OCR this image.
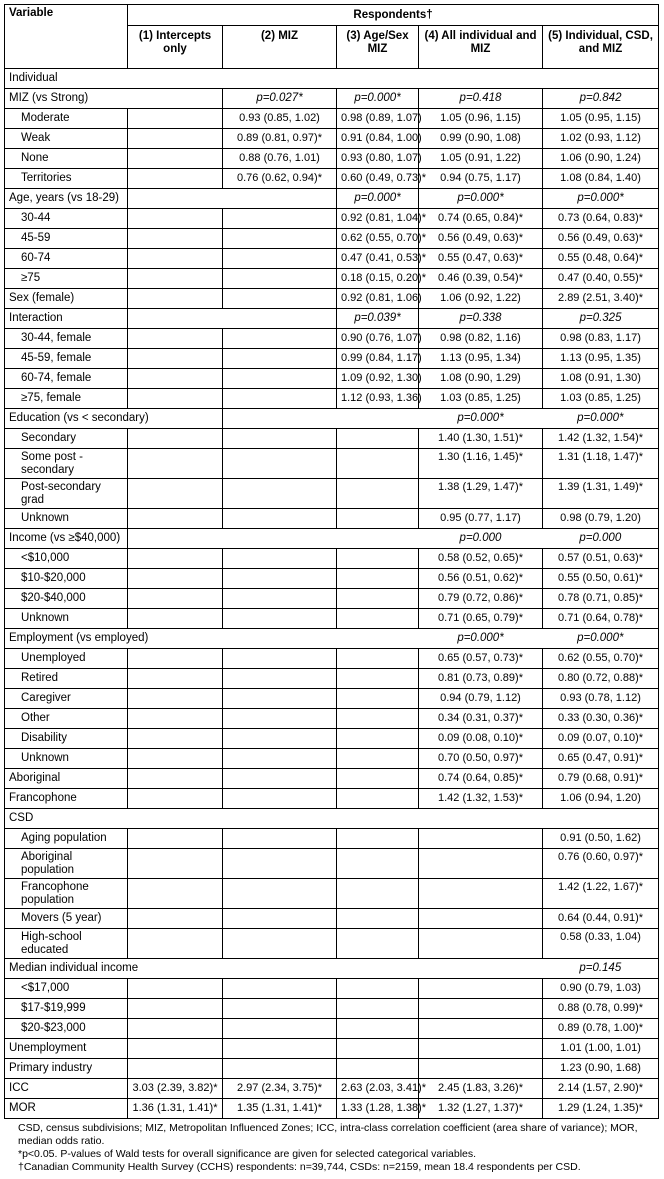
Variable	Respondents†				
	(1) Intercepts only	(2) MIZ	(3) Age/Sex MIZ	(4) All individual and MIZ	(5) Individual, CSD, and MIZ
Individual					
MIZ (vs Strong)		p=0.027*	p=0.000*	p=0.418	p=0.842
Moderate		0.93 (0.85, 1.02)	0.98 (0.89, 1.07)	1.05 (0.96, 1.15)	1.05 (0.95, 1.15)
Weak		0.89 (0.81, 0.97)*	0.91 (0.84, 1.00)	0.99 (0.90, 1.08)	1.02 (0.93, 1.12)
None		0.88 (0.76, 1.01)	0.93 (0.80, 1.07)	1.05 (0.91, 1.22)	1.06 (0.90, 1.24)
Territories		0.76 (0.62, 0.94)*	0.60 (0.49, 0.73)*	0.94 (0.75, 1.17)	1.08 (0.84, 1.40)
Age, years (vs 18-29)			p=0.000*	p=0.000*	p=0.000*
30-44			0.92 (0.81, 1.04)*	0.74 (0.65, 0.84)*	0.73 (0.64, 0.83)*
45-59			0.62 (0.55, 0.70)*	0.56 (0.49, 0.63)*	0.56 (0.49, 0.63)*
60-74			0.47 (0.41, 0.53)*	0.55 (0.47, 0.63)*	0.55 (0.48, 0.64)*
≥75			0.18 (0.15, 0.20)*	0.46 (0.39, 0.54)*	0.47 (0.40, 0.55)*
Sex (female)			0.92 (0.81, 1.06)	1.06 (0.92, 1.22)	2.89 (2.51, 3.40)*
Interaction			p=0.039*	p=0.338	p=0.325
30-44, female			0.90 (0.76, 1.07)	0.98 (0.82, 1.16)	0.98 (0.83, 1.17)
45-59, female			0.99 (0.84, 1.17)	1.13 (0.95, 1.34)	1.13 (0.95, 1.35)
60-74, female			1.09 (0.92, 1.30)	1.08 (0.90, 1.29)	1.08 (0.91, 1.30)
≥75, female			1.12 (0.93, 1.36)	1.03 (0.85, 1.25)	1.03 (0.85, 1.25)
Education (vs < secondary)				p=0.000*	p=0.000*
Secondary				1.40 (1.30, 1.51)*	1.42 (1.32, 1.54)*
Some post - secondary				1.30 (1.16, 1.45)*	1.31 (1.18, 1.47)*
Post-secondary grad				1.38 (1.29, 1.47)*	1.39 (1.31, 1.49)*
Unknown				0.95 (0.77, 1.17)	0.98 (0.79, 1.20)
Income (vs ≥$40,000)				p=0.000	p=0.000
<$10,000				0.58 (0.52, 0.65)*	0.57 (0.51, 0.63)*
$10-$20,000				0.56 (0.51, 0.62)*	0.55 (0.50, 0.61)*
$20-$40,000				0.79 (0.72, 0.86)*	0.78 (0.71, 0.85)*
Unknown				0.71 (0.65, 0.79)*	0.71 (0.64, 0.78)*
Employment (vs employed)				p=0.000*	p=0.000*
Unemployed				0.65 (0.57, 0.73)*	0.62 (0.55, 0.70)*
Retired				0.81 (0.73, 0.89)*	0.80 (0.72, 0.88)*
Caregiver				0.94 (0.79, 1.12)	0.93 (0.78, 1.12)
Other				0.34 (0.31, 0.37)*	0.33 (0.30, 0.36)*
Disability				0.09 (0.08, 0.10)*	0.09 (0.07, 0.10)*
Unknown				0.70 (0.50, 0.97)*	0.65 (0.47, 0.91)*
Aboriginal				0.74 (0.64, 0.85)*	0.79 (0.68, 0.91)*
Francophone				1.42 (1.32, 1.53)*	1.06 (0.94, 1.20)
CSD					
Aging population					0.91 (0.50, 1.62)
Aboriginal population					0.76 (0.60, 0.97)*
Francophone population					1.42 (1.22, 1.67)*
Movers (5 year)					0.64 (0.44, 0.91)*
High-school educated					0.58 (0.33, 1.04)
Median individual income					p=0.145
<$17,000					0.90 (0.79, 1.03)
$17-$19,999					0.88 (0.78, 0.99)*
$20-$23,000					0.89 (0.78, 1.00)*
Unemployment					1.01 (1.00, 1.01)
Primary industry					1.23 (0.90, 1.68)
ICC	3.03 (2.39, 3.82)*	2.97 (2.34, 3.75)*	2.63 (2.03, 3.41)*	2.45 (1.83, 3.26)*	2.14 (1.57, 2.90)*
MOR	1.36 (1.31, 1.41)*	1.35 (1.31, 1.41)*	1.33 (1.28, 1.38)*	1.32 (1.27, 1.37)*	1.29 (1.24, 1.35)*
CSD, census subdivisions; MIZ, Metropolitan Influenced Zones; ICC, intra-class correlation coefficient (area share of variance); MOR, median odds ratio.
*p<0.05. P-values of Wald tests for overall significance are given for selected categorical variables.
†Canadian Community Health Survey (CCHS) respondents: n=39,744, CSDs: n=2159, mean 18.4 respondents per CSD.
